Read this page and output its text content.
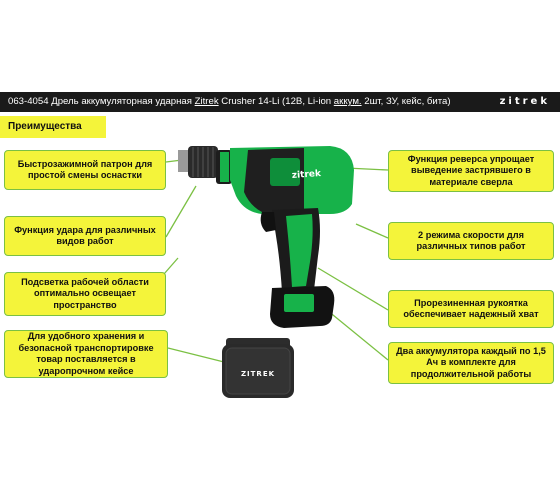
063-4054 Дрель аккумуляторная ударная Zitrek Crusher 14-Li (12В, Li-ion аккум. 2шт, ЗУ, кейс, бита)	zitrek
Преимущества
zitrek
ZITREK
Быстрозажимной патрон для простой смены оснастки
Функция удара для различных видов работ
Подсветка рабочей области оптимально освещает пространство
Для удобного хранения и безопасной транспортировке товар поставляется в ударопрочном кейсе
Функция реверса упрощает выведение застрявшего в материале сверла
2 режима скорости для различных типов работ
Прорезиненная рукоятка обеспечивает надежный хват
Два аккумулятора каждый по 1,5 Ач в комплекте для продолжительной работы
